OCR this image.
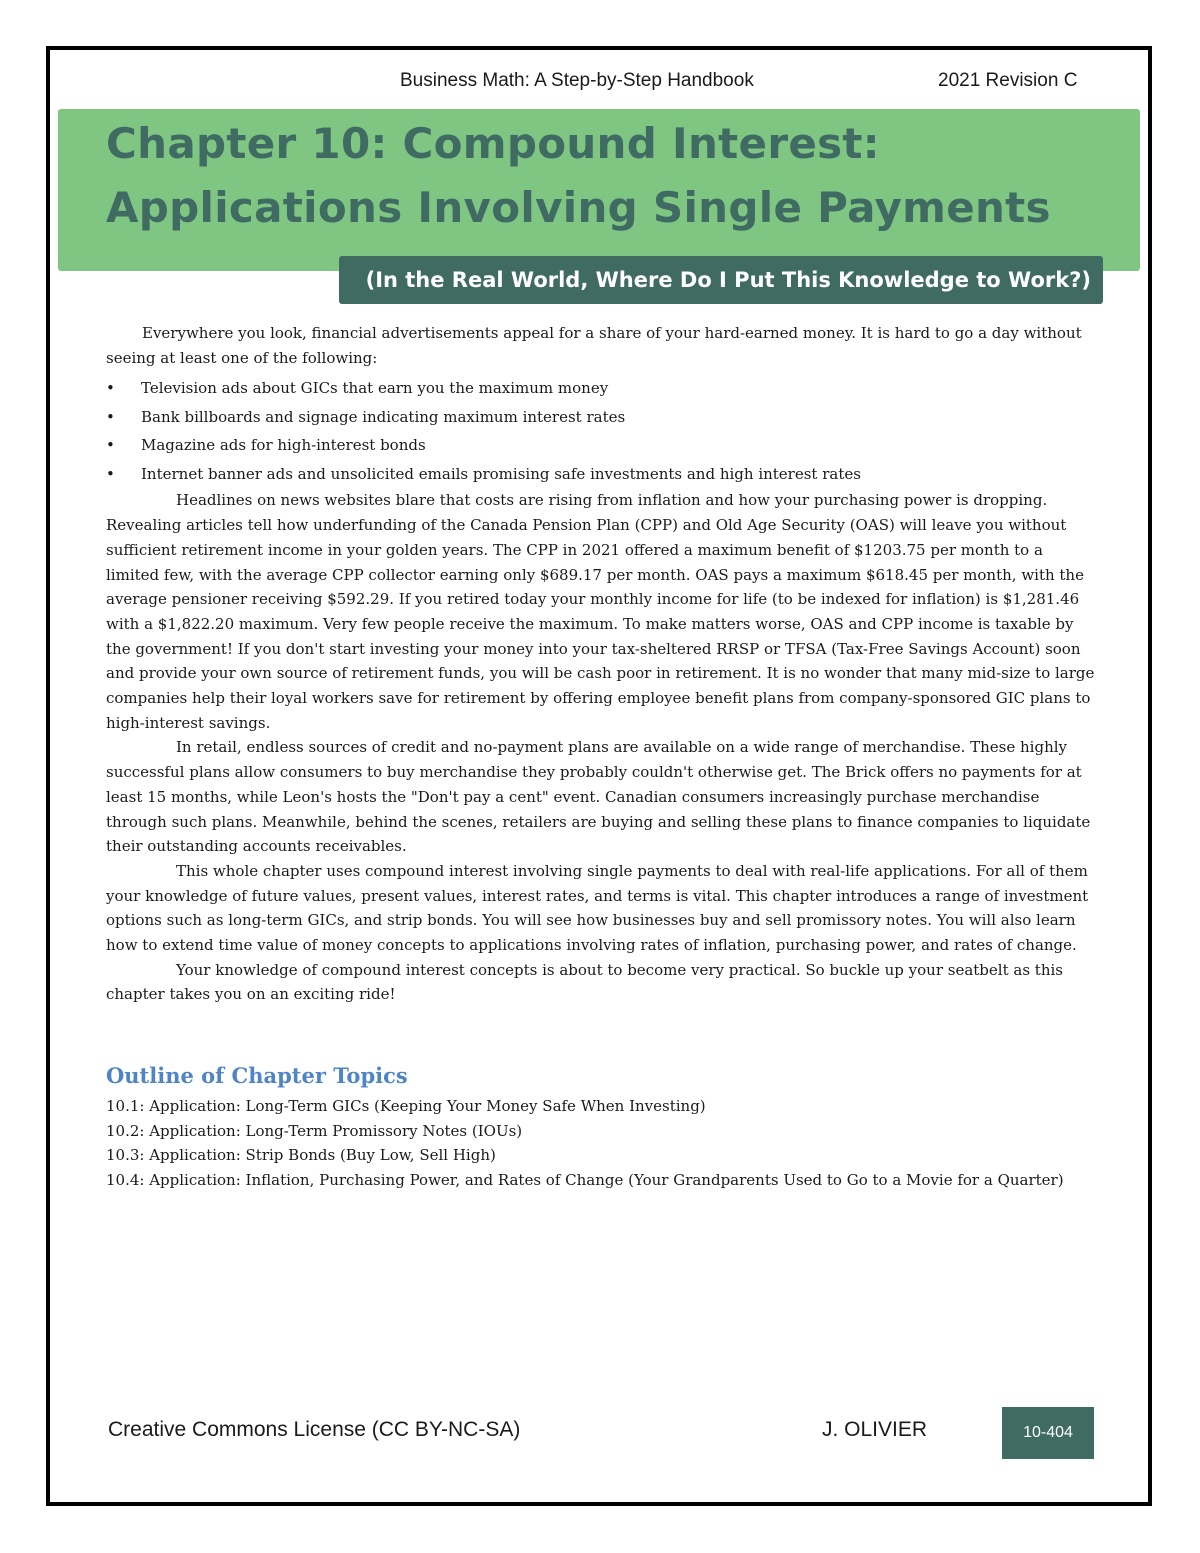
Business Math: A Step-by-Step Handbook	2021 Revision C
Chapter 10: Compound Interest:
Applications Involving Single Payments
(In the Real World, Where Do I Put This Knowledge to Work?)

Everywhere you look, financial advertisements appeal for a share of your hard-earned money. It is hard to go a day without seeing at least one of the following:

• Television ads about GICs that earn you the maximum money
• Bank billboards and signage indicating maximum interest rates
• Magazine ads for high-interest bonds
• Internet banner ads and unsolicited emails promising safe investments and high interest rates

Headlines on news websites blare that costs are rising from inflation and how your purchasing power is dropping. Revealing articles tell how underfunding of the Canada Pension Plan (CPP) and Old Age Security (OAS) will leave you without sufficient retirement income in your golden years. The CPP in 2021 offered a maximum benefit of $1203.75 per month to a limited few, with the average CPP collector earning only $689.17 per month. OAS pays a maximum $618.45 per month, with the average pensioner receiving $592.29. If you retired today your monthly income for life (to be indexed for inflation) is $1,281.46 with a $1,822.20 maximum. Very few people receive the maximum. To make matters worse, OAS and CPP income is taxable by the government! If you don't start investing your money into your tax-sheltered RRSP or TFSA (Tax-Free Savings Account) soon and provide your own source of retirement funds, you will be cash poor in retirement. It is no wonder that many mid-size to large companies help their loyal workers save for retirement by offering employee benefit plans from company-sponsored GIC plans to high-interest savings.

In retail, endless sources of credit and no-payment plans are available on a wide range of merchandise. These highly successful plans allow consumers to buy merchandise they probably couldn't otherwise get. The Brick offers no payments for at least 15 months, while Leon's hosts the "Don't pay a cent" event. Canadian consumers increasingly purchase merchandise through such plans. Meanwhile, behind the scenes, retailers are buying and selling these plans to finance companies to liquidate their outstanding accounts receivables.

This whole chapter uses compound interest involving single payments to deal with real-life applications. For all of them your knowledge of future values, present values, interest rates, and terms is vital. This chapter introduces a range of investment options such as long-term GICs, and strip bonds. You will see how businesses buy and sell promissory notes. You will also learn how to extend time value of money concepts to applications involving rates of inflation, purchasing power, and rates of change.

Your knowledge of compound interest concepts is about to become very practical. So buckle up your seatbelt as this chapter takes you on an exciting ride!

Outline of Chapter Topics
10.1: Application: Long-Term GICs (Keeping Your Money Safe When Investing)
10.2: Application: Long-Term Promissory Notes (IOUs)
10.3: Application: Strip Bonds (Buy Low, Sell High)
10.4: Application: Inflation, Purchasing Power, and Rates of Change (Your Grandparents Used to Go to a Movie for a Quarter)
Creative Commons License (CC BY-NC-SA)	J. OLIVIER	10-404
